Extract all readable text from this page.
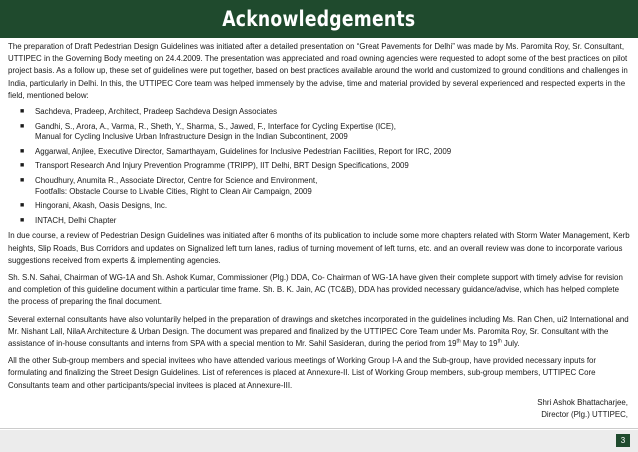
Acknowledgements

The preparation of Draft Pedestrian Design Guidelines was initiated after a detailed presentation on “Great Pavements for Delhi” was made by Ms. Paromita Roy, Sr. Consultant, UTTIPEC in the Governing Body meeting on 24.4.2009. The presentation was appreciated and road owning agencies were requested to adopt some of the best practices on pilot project basis. As a follow up, these set of guidelines were put together, based on best practices available around the world and customized to ground conditions and challenges in India, particularly in Delhi. In this, the UTTIPEC Core team was helped immensely by the advise, time and material provided by several experienced and respected experts in the field, mentioned below:

■ Sachdeva, Pradeep, Architect, Pradeep Sachdeva Design Associates
■ Gandhi, S., Arora, A., Varma, R., Sheth, Y., Sharma, S., Jawed, F., Interface for Cycling Expertise (ICE),
Manual for Cycling Inclusive Urban Infrastructure Design in the Indian Subcontinent, 2009
■ Aggarwal, Anjlee, Executive Director, Samarthayam, Guidelines for Inclusive Pedestrian Facilities, Report for IRC, 2009
■ Transport Research And Injury Prevention Programme (TRIPP), IIT Delhi, BRT Design Specifications, 2009
■ Choudhury, Anumita R., Associate Director, Centre for Science and Environment,
Footfalls: Obstacle Course to Livable Cities, Right to Clean Air Campaign, 2009
■ Hingorani, Akash, Oasis Designs, Inc.
■ INTACH, Delhi Chapter

In due course, a review of Pedestrian Design Guidelines was initiated after 6 months of its publication to include some more chapters related with Storm Water Management, Kerb heights, Slip Roads, Bus Corridors and updates on Signalized left turn lanes, radius of turning movement of left turns, etc. and an overall review was done to incorporate various suggestions received from experts & implementing agencies.

Sh. S.N. Sahai, Chairman of WG-1A and Sh. Ashok Kumar, Commissioner (Plg.) DDA, Co- Chairman of WG-1A have given their complete support with timely advise for revision and completion of this guideline document within a particular time frame. Sh. B. K. Jain, AC (TC&B), DDA has provided necessary guidance/advise, which has helped complete the process of preparing the final document.

Several external consultants have also voluntarily helped in the preparation of drawings and sketches incorporated in the guidelines including Ms. Ran Chen, ui2 International and Mr. Nishant Lall, NilaA Architecture & Urban Design. The document was prepared and finalized by the UTTIPEC Core Team under Ms. Paromita Roy, Sr. Consultant with the assistance of in-house consultants and interns from SPA with a special mention to Mr. Sahil Sasideran, during the period from 19th May to 19th July.

All the other Sub-group members and special invitees who have attended various meetings of Working Group I-A and the Sub-group, have provided necessary inputs for formulating and finalizing the Street Design Guidelines. List of references is placed at Annexure-II. List of Working Group members, sub-group members, UTTIPEC Core Consultants team and other participants/special invitees is placed at Annexure-III.

Shri Ashok Bhattacharjee,
Director (Plg.) UTTIPEC,
3
